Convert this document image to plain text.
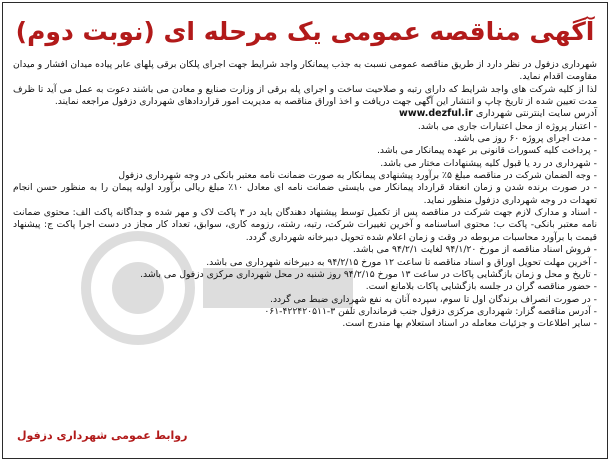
آگهی مناقصه عمومی یک مرحله ای (نوبت دوم)

شهرداری دزفول در نظر دارد از طریق مناقصه عمومی نسبت به جذب پیمانکار واجد شرایط جهت اجرای پلکان برقی پلهای عابر پیاده میدان افشار و میدان مقاومت اقدام نماید.

لذا از کلیه شرکت های واجد شرایط که دارای رتبه و صلاحیت ساخت و اجرای پله برقی از وزارت صنایع و معادن می باشند دعوت به عمل می آید تا ظرف مدت تعیین شده از تاریخ چاپ و انتشار این آگهی جهت دریافت و اخذ اوراق مناقصه به مدیریت امور قراردادهای شهرداری دزفول مراجعه نمایند.

آدرس سایت اینترنتی شهرداری www.dezful.ir

- اعتبار پروژه از محل اعتبارات جاری می باشد.
- مدت اجرای پروژه ۶۰ روز می باشد.
- پرداخت کلیه کسورات قانونی بر عهده پیمانکار می باشد.
- شهرداری در رد یا قبول کلیه پیشنهادات مختار می باشد.
- وجه الضمان شرکت در مناقصه مبلغ ۵٪ برآورد پیشنهادی پیمانکار به صورت ضمانت نامه معتبر بانکی در وجه شهرداری دزفول
- در صورت برنده شدن و زمان انعقاد قرارداد پیمانکار می بایستی ضمانت نامه ای معادل ۱۰٪ مبلغ ریالی برآورد اولیه پیمان را به منظور حسن انجام تعهدات در وجه شهرداری دزفول منظور نماید.
- اسناد و مدارک لازم جهت شرکت در مناقصه پس از تکمیل توسط پیشنهاد دهندگان باید در ۳ پاکت لاک و مهر شده و جداگانه پاکت الف: محتوی ضمانت نامه معتبر بانکی- پاکت ب: محتوی اساسنامه و آخرین تغییرات شرکت، رتبه، رشته، رزومه کاری، سوابق، تعداد کار مجاز در دست اجرا پاکت ج: پیشنهاد قیمت با برآورد محاسبات مربوطه در وقت و زمان اعلام شده تحویل دبیرخانه شهرداری گردد.
- فروش اسناد مناقصه از مورخ ۹۴/۱/۲۰ لغایت ۹۴/۲/۱ می باشد.
- آخرین مهلت تحویل اوراق و اسناد مناقصه تا ساعت ۱۲ مورخ ۹۴/۲/۱۵ به دبیرخانه شهرداری می باشد.
- تاریخ و محل و زمان بازگشایی پاکات در ساعت ۱۳ مورخ ۹۴/۲/۱۵ روز شنبه در محل شهرداری مرکزی دزفول می باشد.
- حضور مناقصه گران در جلسه بازگشایی پاکات بلامانع است.
- در صورت انصراف برندگان اول تا سوم، سپرده آنان به نفع شهرداری ضبط می گردد.
- آدرس مناقصه گزار: شهرداری مرکزی دزفول جنب فرمانداری تلفن ۳-۴۲۲۴۲۰۵۱۱-۰۶۱
- سایر اطلاعات و جزئیات معامله در اسناد استعلام بها مندرج است.
روابط عمومی شهرداری دزفول
